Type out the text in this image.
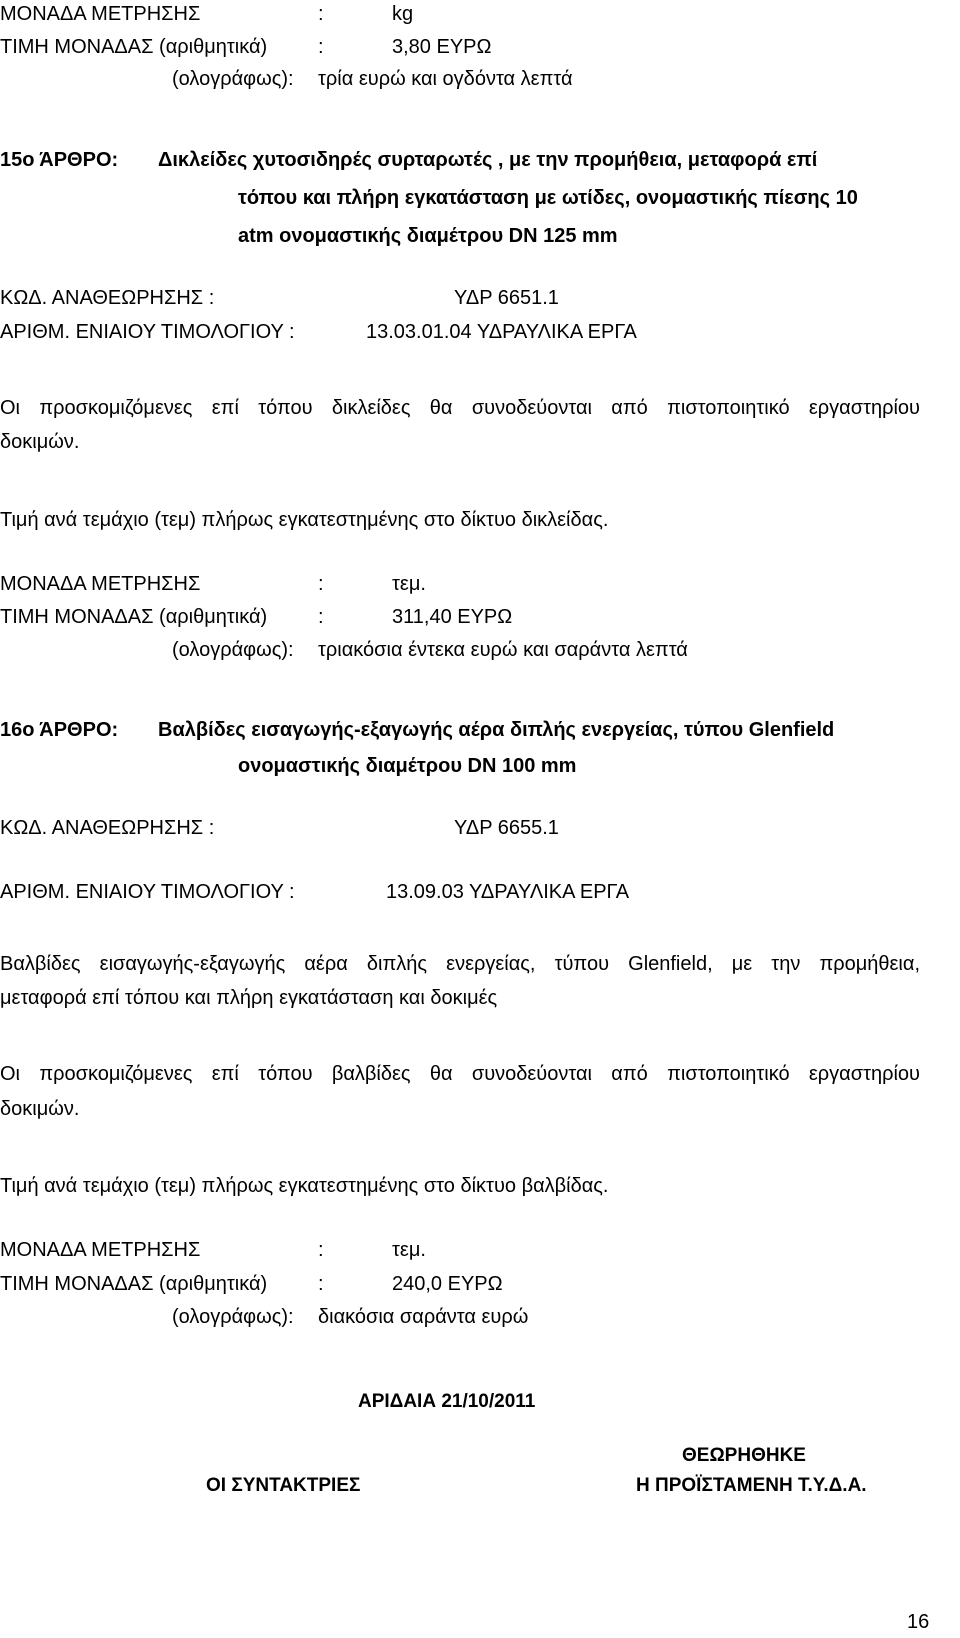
ΜΟΝΑΔΑ ΜΕΤΡΗΣΗΣ	:	kg
ΤΙΜΗ ΜΟΝΑΔΑΣ (αριθμητικά)	:	3,80 ΕΥΡΩ
(ολογράφως): τρία ευρώ και ογδόντα λεπτά
15ο ΆΡΘΡΟ: Δικλείδες χυτοσιδηρές συρταρωτές , με την προμήθεια, μεταφορά επί
τόπου και πλήρη εγκατάσταση με ωτίδες, ονομαστικής πίεσης 10
atm ονομαστικής διαμέτρου DN 125 mm
ΚΩΔ. ΑΝΑΘΕΩΡΗΣΗΣ :	ΥΔΡ 6651.1
ΑΡΙΘΜ. ΕΝΙΑΙΟΥ ΤΙΜΟΛΟΓΙΟΥ :	13.03.01.04 ΥΔΡΑΥΛΙΚΑ ΕΡΓΑ
Οι προσκομιζόμενες επί τόπου δικλείδες θα συνοδεύονται από πιστοποιητικό εργαστηρίου
δοκιμών.
Τιμή ανά τεμάχιο (τεμ) πλήρως εγκατεστημένης στο δίκτυο δικλείδας.
ΜΟΝΑΔΑ ΜΕΤΡΗΣΗΣ	:	τεμ.
ΤΙΜΗ ΜΟΝΑΔΑΣ (αριθμητικά)	:	311,40 ΕΥΡΩ
(ολογράφως): τριακόσια έντεκα ευρώ και σαράντα λεπτά
16ο ΆΡΘΡΟ: Βαλβίδες εισαγωγής-εξαγωγής αέρα διπλής ενεργείας, τύπου Glenfield
ονομαστικής διαμέτρου DN 100 mm
ΚΩΔ. ΑΝΑΘΕΩΡΗΣΗΣ :	ΥΔΡ 6655.1
ΑΡΙΘΜ. ΕΝΙΑΙΟΥ ΤΙΜΟΛΟΓΙΟΥ :	13.09.03 ΥΔΡΑΥΛΙΚΑ ΕΡΓΑ
Βαλβίδες εισαγωγής-εξαγωγής αέρα διπλής ενεργείας, τύπου Glenfield, με την προμήθεια,
μεταφορά επί τόπου και πλήρη εγκατάσταση και δοκιμές
Οι προσκομιζόμενες επί τόπου βαλβίδες θα συνοδεύονται από πιστοποιητικό εργαστηρίου
δοκιμών.
Τιμή ανά τεμάχιο (τεμ) πλήρως εγκατεστημένης στο δίκτυο βαλβίδας.
ΜΟΝΑΔΑ ΜΕΤΡΗΣΗΣ	:	τεμ.
ΤΙΜΗ ΜΟΝΑΔΑΣ (αριθμητικά)	:	240,0 ΕΥΡΩ
(ολογράφως): διακόσια σαράντα ευρώ
ΑΡΙΔΑΙΑ 21/10/2011
ΘΕΩΡΗΘΗΚΕ
ΟΙ ΣΥΝΤΑΚΤΡΙΕΣ	Η ΠΡΟΪΣΤΑΜΕΝΗ Τ.Υ.Δ.Α.
16
